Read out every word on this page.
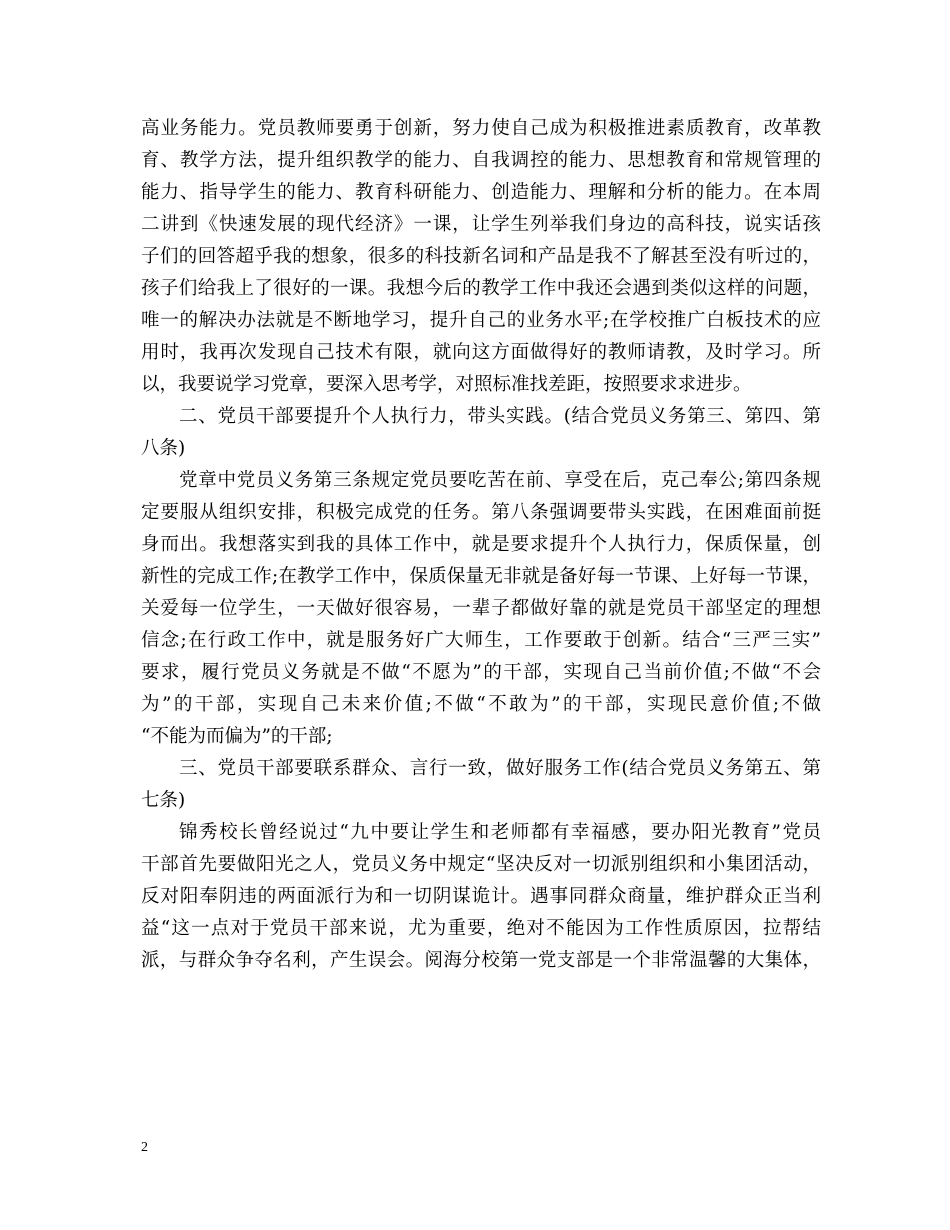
高业务能力。党员教师要勇于创新，努力使自己成为积极推进素质教育，改革教
育、教学方法，提升组织教学的能力、自我调控的能力、思想教育和常规管理的
能力、指导学生的能力、教育科研能力、创造能力、理解和分析的能力。在本周
二讲到《快速发展的现代经济》一课，让学生列举我们身边的高科技，说实话孩
子们的回答超乎我的想象，很多的科技新名词和产品是我不了解甚至没有听过的，
孩子们给我上了很好的一课。我想今后的教学工作中我还会遇到类似这样的问题，
唯一的解决办法就是不断地学习，提升自己的业务水平;在学校推广白板技术的应
用时，我再次发现自己技术有限，就向这方面做得好的教师请教，及时学习。所
以，我要说学习党章，要深入思考学，对照标准找差距，按照要求求进步。
二、党员干部要提升个人执行力，带头实践。(结合党员义务第三、第四、第
八条)
党章中党员义务第三条规定党员要吃苦在前、享受在后，克己奉公;第四条规
定要服从组织安排，积极完成党的任务。第八条强调要带头实践，在困难面前挺
身而出。我想落实到我的具体工作中，就是要求提升个人执行力，保质保量，创
新性的完成工作;在教学工作中，保质保量无非就是备好每一节课、上好每一节课，
关爱每一位学生，一天做好很容易，一辈子都做好靠的就是党员干部坚定的理想
信念;在行政工作中，就是服务好广大师生，工作要敢于创新。结合“三严三实”
要求，履行党员义务就是不做“不愿为”的干部，实现自己当前价值;不做“不会
为”的干部，实现自己未来价值;不做“不敢为”的干部，实现民意价值;不做
“不能为而偏为”的干部;
三、党员干部要联系群众、言行一致，做好服务工作(结合党员义务第五、第
七条)
锦秀校长曾经说过“九中要让学生和老师都有幸福感，要办阳光教育”党员
干部首先要做阳光之人，党员义务中规定“坚决反对一切派别组织和小集团活动，
反对阳奉阴违的两面派行为和一切阴谋诡计。遇事同群众商量，维护群众正当利
益“这一点对于党员干部来说，尤为重要，绝对不能因为工作性质原因，拉帮结
派，与群众争夺名利，产生误会。阅海分校第一党支部是一个非常温馨的大集体，
2
